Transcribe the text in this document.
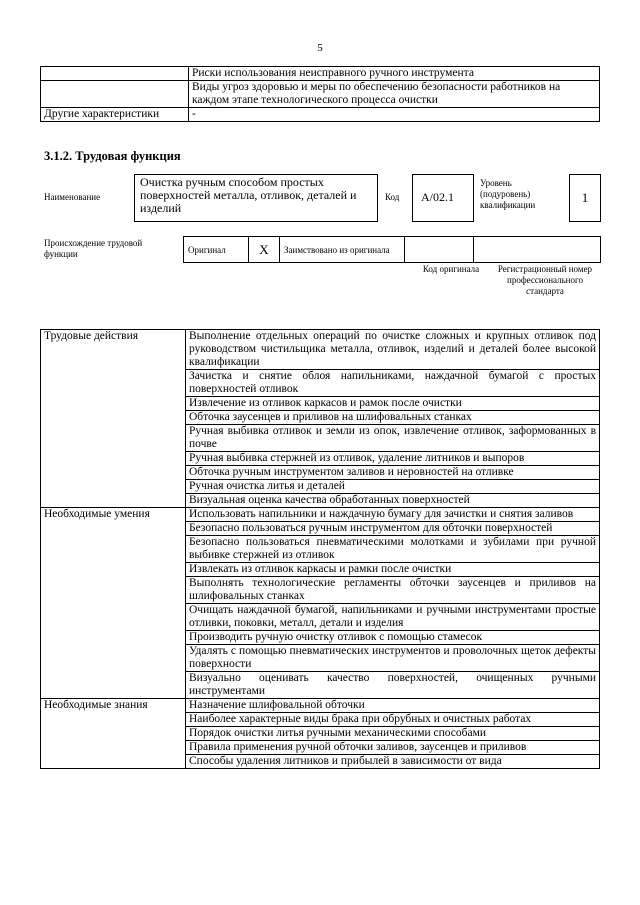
5
	Риски использования неисправного ручного инструмента
	Виды угроз здоровью и меры по обеспечению безопасности работников на каждом этапе технологического процесса очистки
Другие характеристики	-
3.1.2. Трудовая функция
Наименование
Очистка ручным способом простых поверхностей металла, отливок, деталей и изделий
Код	А/02.1
Уровень (подуровень) квалификации	1
Происхождение трудовой функции	Оригинал	X	Заимствовано из оригинала		
Код оригинала	Регистрационный номер профессионального стандарта
Трудовые действия	Выполнение отдельных операций по очистке сложных и крупных отливок под руководством чистильщика металла, отливок, изделий и деталей более высокой квалификации
	Зачистка и снятие облоя напильниками, наждачной бумагой с простых поверхностей отливок
	Извлечение из отливок каркасов и рамок после очистки
	Обточка заусенцев и приливов на шлифовальных станках
	Ручная выбивка отливок и земли из опок, извлечение отливок, заформованных в почве
	Ручная выбивка стержней из отливок, удаление литников и выпоров
	Обточка ручным инструментом заливов и неровностей на отливке
	Ручная очистка литья и деталей
	Визуальная оценка качества обработанных поверхностей
Необходимые умения	Использовать напильники и наждачную бумагу для зачистки и снятия заливов
	Безопасно пользоваться ручным инструментом для обточки поверхностей
	Безопасно пользоваться пневматическими молотками и зубилами при ручной выбивке стержней из отливок
	Извлекать из отливок каркасы и рамки после очистки
	Выполнять технологические регламенты обточки заусенцев и приливов на шлифовальных станках
	Очищать наждачной бумагой, напильниками и ручными инструментами простые отливки, поковки, металл, детали и изделия
	Производить ручную очистку отливок с помощью стамесок
	Удалять с помощью пневматических инструментов и проволочных щеток дефекты поверхности
	Визуально оценивать качество поверхностей, очищенных ручными инструментами
Необходимые знания	Назначение шлифовальной обточки
	Наиболее характерные виды брака при обрубных и очистных работах
	Порядок очистки литья ручными механическими способами
	Правила применения ручной обточки заливов, заусенцев и приливов
	Способы удаления литников и прибылей в зависимости от вида
